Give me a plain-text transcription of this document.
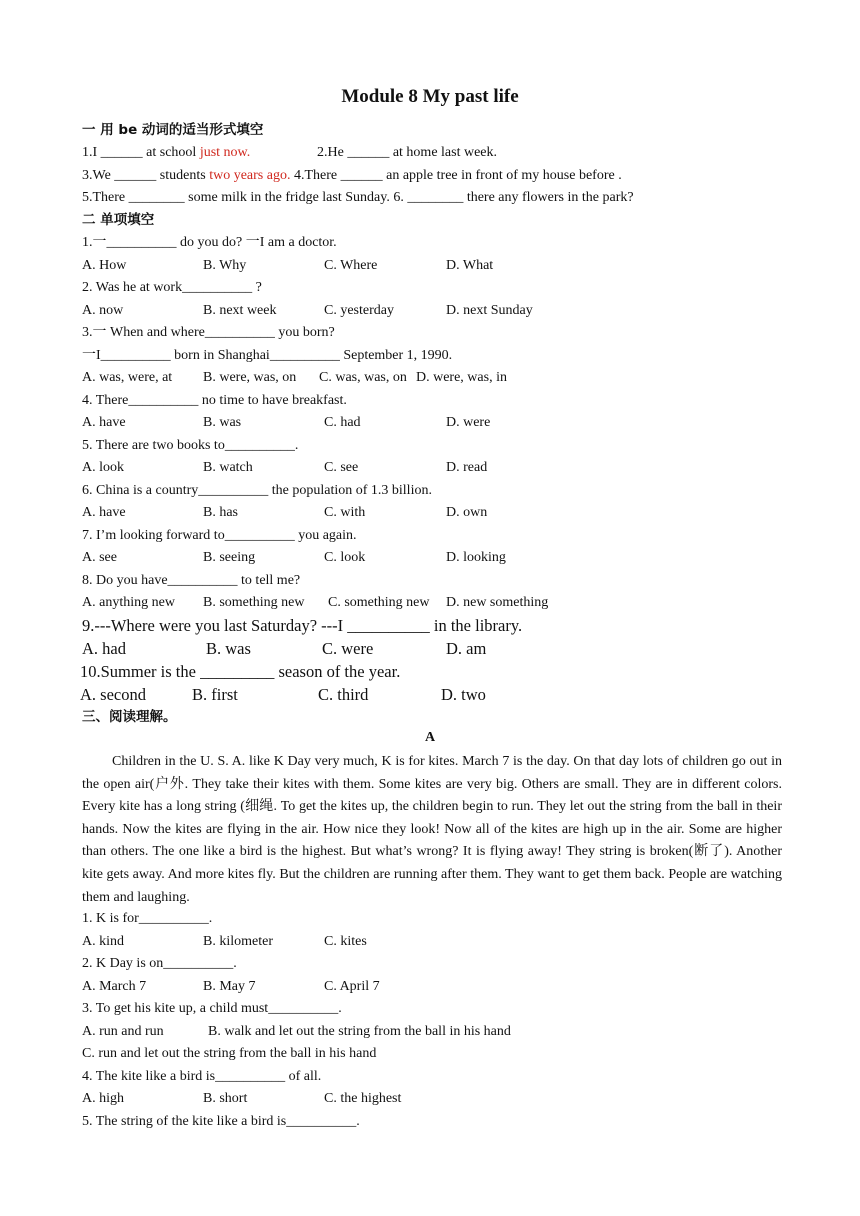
Module 8 My past life
一 用 be 动词的适当形式填空
1.I ______ at school just now.	2.He ______ at home last week.
3.We ______ students two years ago. 4.There ______ an apple tree in front of my house before .
5.There ________ some milk in the fridge last Sunday. 6. ________ there any flowers in the park?
二 单项填空
1.一__________ do you do? 一I am a doctor.
A. How	B. Why	C. Where	D. What
2. Was he at work__________ ?
A. now	B. next week	C. yesterday	D. next Sunday
3.一 When and where__________ you born?
一I__________ born in Shanghai__________ September 1, 1990.
A. was, were, at B. were, was, on C. was, was, on D. were, was, in
4. There__________ no time to have breakfast.
A. have	B. was	C. had	D. were
5. There are two books to__________.
A. look	B. watch	C. see	D. read
6. China is a country__________ the population of 1.3 billion.
A. have	B. has	C. with	D. own
7. I’m looking forward to__________ you again.
A. see	B. seeing	C. look	D. looking
8. Do you have__________ to tell me?
A. anything new B. something new C. something new D. new something
9.---Where were you last Saturday? ---I __________ in the library.
A. had	B. was	C. were	D. am
10.Summer is the _________ season of the year.
A. second	B. first	C. third	D. two
三、阅读理解。
A

Children in the U. S. A. like K Day very much, K is for kites. March 7 is the day. On that day lots of children go out in the open air(户外. They take their kites with them. Some kites are very big. Others are small. They are in different colors. Every kite has a long string (细绳. To get the kites up, the children begin to run. They let out the string from the ball in their hands. Now the kites are flying in the air. How nice they look! Now all of the kites are high up in the air. Some are higher than others. The one like a bird is the highest. But what’s wrong? It is flying away! They string is broken(断了). Another kite gets away. And more kites fly. But the children are running after them. They want to get them back. People are watching them and laughing.

1. K is for__________.
A. kind	B. kilometer	C. kites
2. K Day is on__________.
A. March 7	B. May 7	C. April 7
3. To get his kite up, a child must__________.
A. run and run	B. walk and let out the string from the ball in his hand
C. run and let out the string from the ball in his hand
4. The kite like a bird is__________ of all.
A. high	B. short	C. the highest
5. The string of the kite like a bird is__________.
